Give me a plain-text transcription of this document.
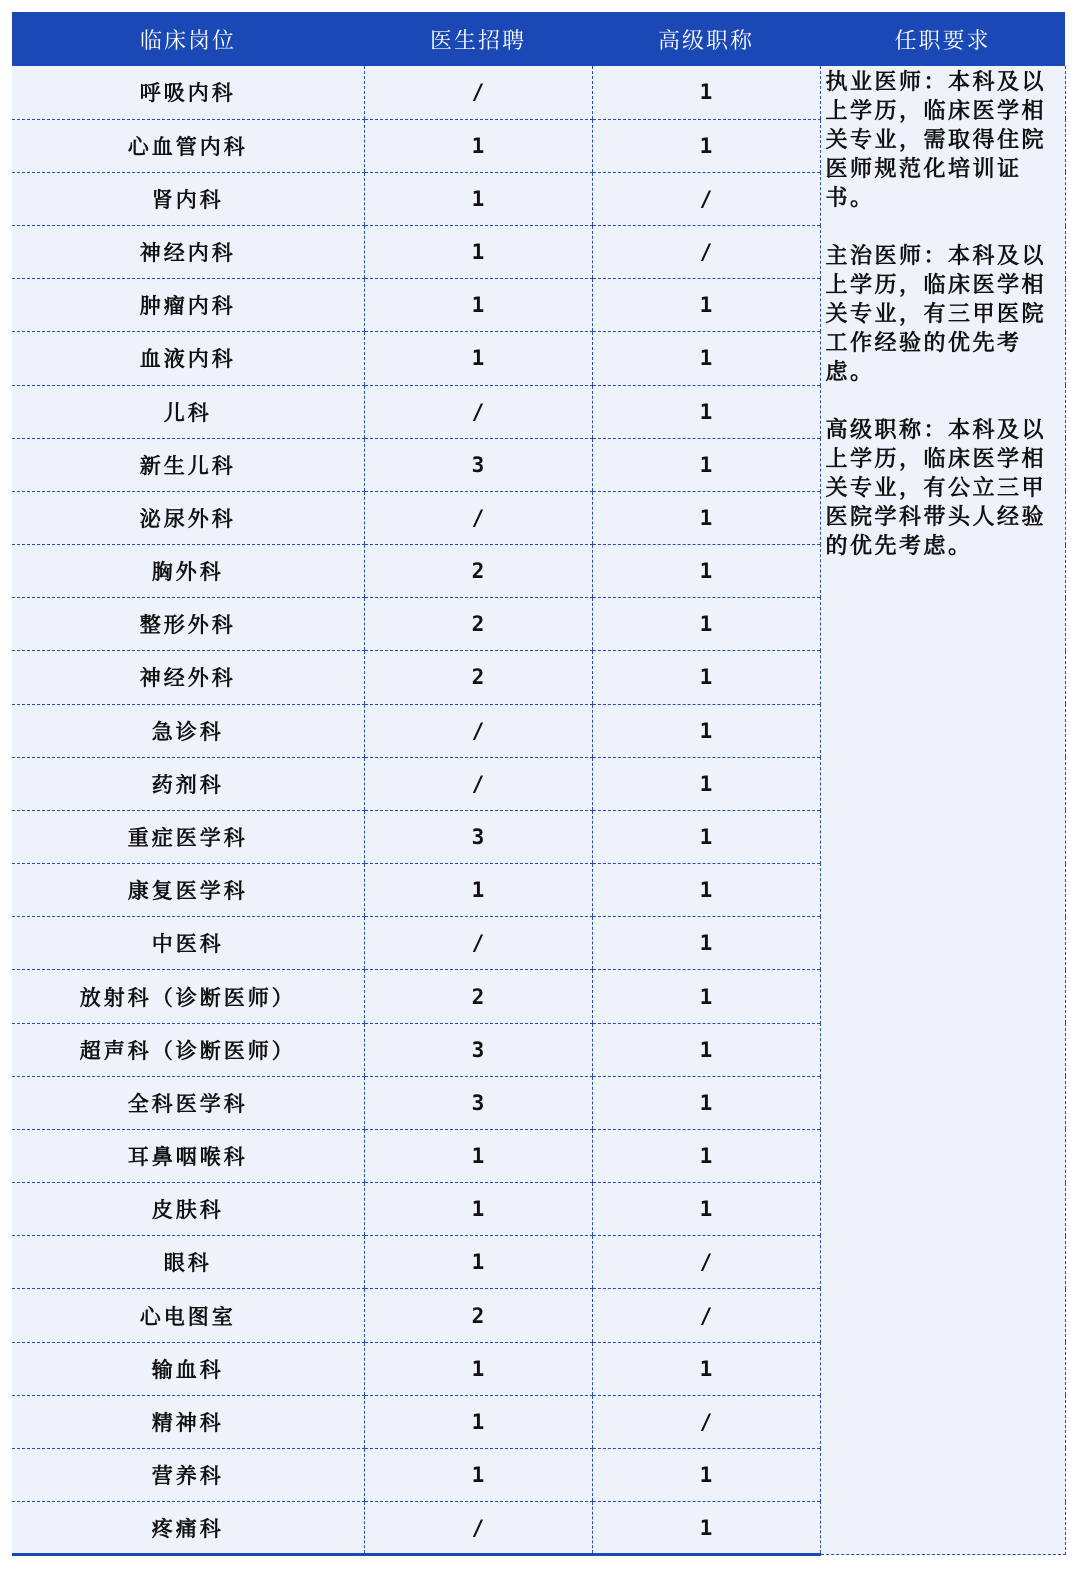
临床岗位	医生招聘	高级职称	任职要求
呼吸内科	/	1	执业医师：本科及以上学历，临床医学相关专业，需取得住院医师规范化培训证书。
主治医师：本科及以上学历，临床医学相关专业，有三甲医院工作经验的优先考虑。
高级职称：本科及以上学历，临床医学相关专业，有公立三甲医院学科带头人经验的优先考虑。

心血管内科	1	1	
肾内科	1	/	
神经内科	1	/	
肿瘤内科	1	1	
血液内科	1	1	
儿科	/	1	
新生儿科	3	1	
泌尿外科	/	1	
胸外科	2	1	
整形外科	2	1	
神经外科	2	1	
急诊科	/	1	
药剂科	/	1	
重症医学科	3	1	
康复医学科	1	1	
中医科	/	1	
放射科（诊断医师）	2	1	
超声科（诊断医师）	3	1	
全科医学科	3	1	
耳鼻咽喉科	1	1	
皮肤科	1	1	
眼科	1	/	
心电图室	2	/	
输血科	1	1	
精神科	1	/	
营养科	1	1	
疼痛科	/	1	
